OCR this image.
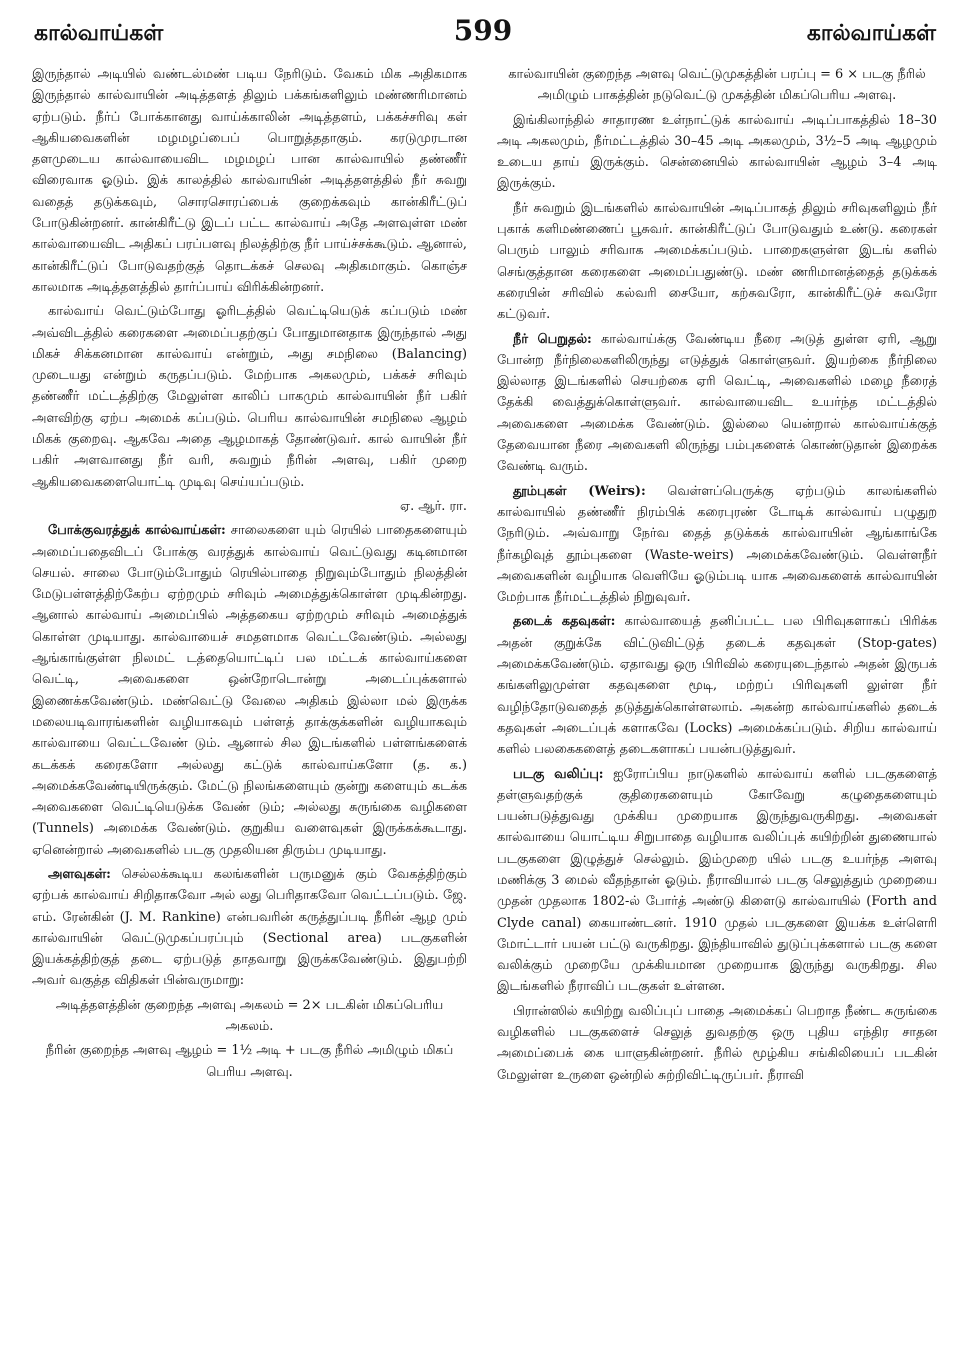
கால்வாய்கள்	599	கால்வாய்கள்

இருந்தால் அடியில் வண்டல்மண் படிய நேரிடும். வேகம் மிக அதிகமாக இருந்தால் கால்வாயின் அடித்தளத் திலும் பக்கங்களிலும் மண்ணரிமானம் ஏற்படும். நீர்ப் போக்கானது வாய்க்காலின் அடித்தளம், பக்கச்சரிவு கள் ஆகியவைகளின் மழமழப்பைப் பொறுத்ததாகும். கரடுமுரடான தளமுடைய கால்வாயைவிட மழமழப் பான கால்வாயில் தண்ணீர் விரைவாக ஓடும். இக் காலத்தில் கால்வாயின் அடித்தளத்தில் நீர் சுவறு வதைத் தடுக்கவும், சொரசொரப்பைக் குறைக்கவும் கான்கிரீட்டுப் போடுகின்றனர். கான்கிரீட்டு இடப் பட்ட கால்வாய் அதே அளவுள்ள மண் கால்வாயைவிட அதிகப் பரப்பளவு நிலத்திற்கு நீர் பாய்ச்சக்கூடும். ஆனால், கான்கிரீட்டுப் போடுவதற்குத் தொடக்கச் செலவு அதிகமாகும். கொஞ்ச காலமாக அடித்தளத்தில் தார்ப்பாய் விரிக்கின்றனர்.

கால்வாய் வெட்டும்போது ஓரிடத்தில் வெட்டியெடுக் கப்படும் மண் அவ்விடத்தில் கரைகளை அமைப்பதற்குப் போதுமானதாக இருந்தால் அது மிகச் சிக்கனமான கால்வாய் என்றும், அது சமநிலை (Balancing) முடையது என்றும் கருதப்படும். மேற்பாக அகலமும், பக்கச் சரிவும் தண்ணீர் மட்டத்திற்கு மேலுள்ள காலிப் பாகமும் கால்வாயின் நீர் பகிர் அளவிற்கு ஏற்ப அமைக் கப்படும். பெரிய கால்வாயின் சமநிலை ஆழம் மிகக் குறைவு. ஆகவே அதை ஆழமாகத் தோண்டுவர். கால் வாயின் நீர் பகிர் அளவானது நீர் வரி, சுவறும் நீரின் அளவு, பகிர் முறை ஆகியவைகளையொட்டி முடிவு செய்யப்படும்.

ஏ. ஆர். ரா.

போக்குவரத்துக் கால்வாய்கள்: சாலைகளை யும் ரெயில் பாதைகளையும் அமைப்பதைவிடப் போக்கு வரத்துக் கால்வாய் வெட்டுவது கடினமான செயல். சாலை போடும்போதும் ரெயில்பாதை நிறுவும்போதும் நிலத்தின் மேடுபள்ளத்திற்கேற்ப ஏற்றமும் சரிவும் அமைத்துக்கொள்ள முடிகின்றது. ஆனால் கால்வாய் அமைப்பில் அத்தகைய ஏற்றமும் சரிவும் அமைத்துக் கொள்ள முடியாது. கால்வாயைச் சமதளமாக வெட்டவேண்டும். அல்லது ஆங்காங்குள்ள நிலமட் டத்தையொட்டிப் பல மட்டக் கால்வாய்களை வெட்டி, அவைகளை ஒன்றோடொன்று அடைப்புக்களால் இணைக்கவேண்டும். மண்வெட்டு வேலை அதிகம் இல்லா மல் இருக்க மலையடிவாரங்களின் வழியாகவும் பள்ளத் தாக்குக்களின் வழியாகவும் கால்வாயை வெட்டவேண் டும். ஆனால் சில இடங்களில் பள்ளங்களைக் கடக்கக் கரைகளோ அல்லது கட்டுக் கால்வாய்களோ (த. க.) அமைக்கவேண்டியிருக்கும். மேட்டு நிலங்களையும் குன்று களையும் கடக்க அவைகளை வெட்டியெடுக்க வேண் டும்; அல்லது சுருங்கை வழிகளை (Tunnels) அமைக்க வேண்டும். குறுகிய வளைவுகள் இருக்கக்கூடாது. ஏனென்றால் அவைகளில் படகு முதலியன திரும்ப முடியாது.

அளவுகள்: செல்லக்கூடிய கலங்களின் பருமனுக் கும் வேகத்திற்கும் ஏற்பக் கால்வாய் சிறிதாகவோ அல் லது பெரிதாகவோ வெட்டப்படும். ஜே. எம். ரேன்கின் (J. M. Rankine) என்பவரின் கருத்துப்படி நீரின் ஆழ மும் கால்வாயின் வெட்டுமுகப்பரப்பும் (Sectional area) படகுகளின் இயக்கத்திற்குத் தடை ஏற்படுத் தாதவாறு இருக்கவேண்டும். இதுபற்றி அவர் வகுத்த விதிகள் பின்வருமாறு:

அடித்தளத்தின் குறைந்த அளவு அகலம் = 2× படகின் மிகப்பெரிய அகலம்.

நீரின் குறைந்த அளவு ஆழம் = 1½ அடி + படகு நீரில் அமிழும் மிகப் பெரிய அளவு.

கால்வாயின் குறைந்த அளவு வெட்டுமுகத்தின் பரப்பு = 6 × படகு நீரில் அமிழும் பாகத்தின் நடுவெட்டு முகத்தின் மிகப்பெரிய அளவு.

இங்கிலாந்தில் சாதாரண உள்நாட்டுக் கால்வாய் அடிப்பாகத்தில் 18–30 அடி அகலமும், நீர்மட்டத்தில் 30–45 அடி அகலமும், 3½–5 அடி ஆழமும் உடைய தாய் இருக்கும். சென்னையில் கால்வாயின் ஆழம் 3–4 அடி இருக்கும்.

நீர் சுவறும் இடங்களில் கால்வாயின் அடிப்பாகத் திலும் சரிவுகளிலும் நீர் புகாக் களிமண்ணைப் பூசுவர். கான்கிரீட்டுப் போடுவதும் உண்டு. கரைகள் பெரும் பாலும் சரிவாக அமைக்கப்படும். பாறைகளுள்ள இடங் களில் செங்குத்தான கரைகளை அமைப்பதுண்டு. மண் ணரிமானத்தைத் தடுக்கக் கரையின் சரிவில் கல்வரி சையோ, கற்சுவரோ, கான்கிரீட்டுச் சுவரோ கட்டுவர்.

நீர் பெறுதல்: கால்வாய்க்கு வேண்டிய நீரை அடுத் துள்ள ஏரி, ஆறு போன்ற நீர்நிலைகளிலிருந்து எடுத்துக் கொள்ளுவர். இயற்கை நீர்நிலை இல்லாத இடங்களில் செயற்கை ஏரி வெட்டி, அவைகளில் மழை நீரைத் தேக்கி வைத்துக்கொள்ளுவர். கால்வாயைவிட உயர்ந்த மட்டத்தில் அவைகளை அமைக்க வேண்டும். இல்லை யென்றால் கால்வாய்க்குத் தேவையான நீரை அவைகளி லிருந்து பம்புகளைக் கொண்டுதான் இறைக்க வேண்டி வரும்.

தூம்புகள் (Weirs): வெள்ளப்பெருக்கு ஏற்படும் காலங்களில் கால்வாயில் தண்ணீர் நிரம்பிக் கரைபுரண் டோடிக் கால்வாய் பழுதுற நேரிடும். அவ்வாறு நேர்வ தைத் தடுக்கக் கால்வாயின் ஆங்காங்கே நீர்கழிவுத் தூம்புகளை (Waste-weirs) அமைக்கவேண்டும். வெள்ளநீர் அவைகளின் வழியாக வெளியே ஓடும்படி யாக அவைகளைக் கால்வாயின் மேற்பாக நீர்மட்டத்தில் நிறுவுவர்.

தடைக் கதவுகள்: கால்வாயைத் தனிப்பட்ட பல பிரிவுகளாகப் பிரிக்க அதன் குறுக்கே விட்டுவிட்டுத் தடைக் கதவுகள் (Stop-gates) அமைக்கவேண்டும். ஏதாவது ஒரு பிரிவில் கரையுடைந்தால் அதன் இருபக் கங்களிலுமுள்ள கதவுகளை மூடி, மற்றப் பிரிவுகளி லுள்ள நீர் வழிந்தோடுவதைத் தடுத்துக்கொள்ளலாம். அகன்ற கால்வாய்களில் தடைக் கதவுகள் அடைப்புக் களாகவே (Locks) அமைக்கப்படும். சிறிய கால்வாய் களில் பலகைகளைத் தடைகளாகப் பயன்படுத்துவர்.

படகு வலிப்பு: ஐரோப்பிய நாடுகளில் கால்வாய் களில் படகுகளைத் தள்ளுவதற்குக் குதிரைகளையும் கோவேறு கழுதைகளையும் பயன்படுத்துவது முக்கிய முறையாக இருந்துவருகிறது. அவைகள் கால்வாயை யொட்டிய சிறுபாதை வழியாக வலிப்புக் கயிற்றின் துணையால் படகுகளை இழுத்துச் செல்லும். இம்முறை யில் படகு உயர்ந்த அளவு மணிக்கு 3 மைல் வீதந்தான் ஓடும். நீராவியால் படகு செலுத்தும் முறையை முதன் முதலாக 1802-ல் போர்த் அண்டு கிளைடு கால்வாயில் (Forth and Clyde canal) கையாண்டனர். 1910 முதல் படகுகளை இயக்க உள்ளெரி மோட்டார் பயன் பட்டு வருகிறது. இந்தியாவில் துடுப்புக்களால் படகு களை வலிக்கும் முறையே முக்கியமான முறையாக இருந்து வருகிறது. சில இடங்களில் நீராவிப் படகுகள் உள்ளன.

பிரான்ஸில் கயிற்று வலிப்புப் பாதை அமைக்கப் பெறாத நீண்ட சுருங்கை வழிகளில் படகுகளைச் செலுத் துவதற்கு ஒரு புதிய எந்திர சாதன அமைப்பைக் கை யாளுகின்றனர். நீரில் மூழ்கிய சங்கிலியைப் படகின் மேலுள்ள உருளை ஒன்றில் சுற்றிவிட்டிருப்பர். நீராவி
